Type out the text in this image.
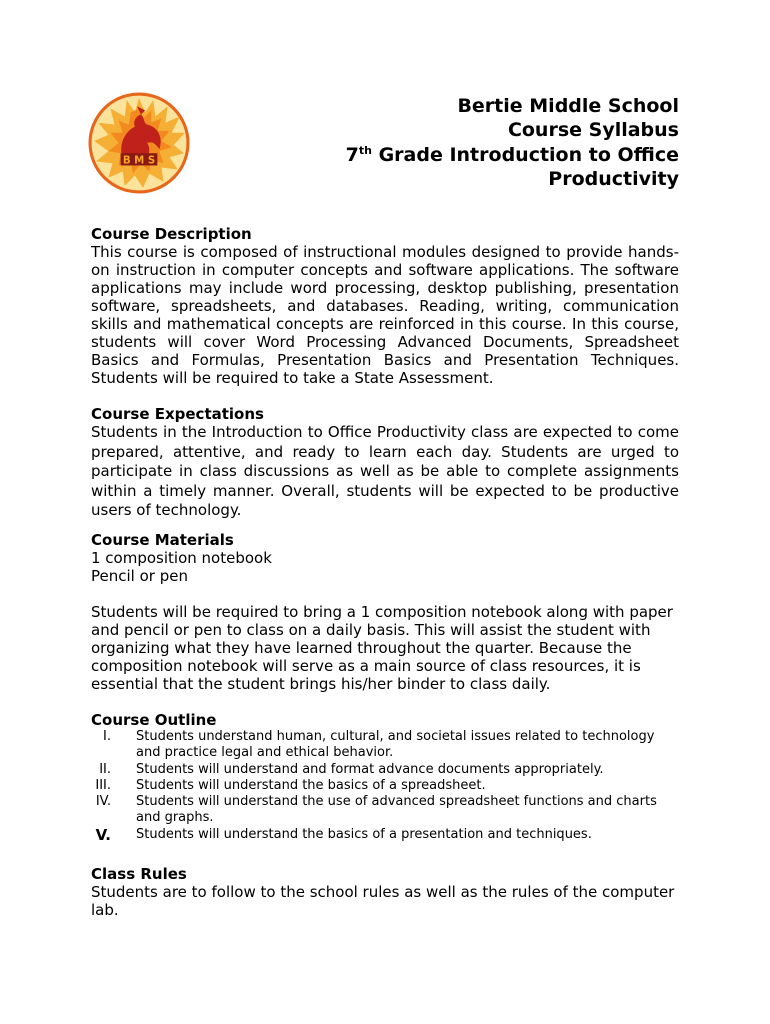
B M S
Bertie Middle School
Course Syllabus
7th Grade Introduction to Office
Productivity
Course Description
This course is composed of instructional modules designed to provide hands-on instruction in computer concepts and software applications. The software applications may include word processing, desktop publishing, presentation software, spreadsheets, and databases. Reading, writing, communication skills and mathematical concepts are reinforced in this course. In this course, students will cover Word Processing Advanced Documents, Spreadsheet Basics and Formulas, Presentation Basics and Presentation Techniques. Students will be required to take a State Assessment.
Course Expectations
Students in the Introduction to Office Productivity class are expected to come prepared, attentive, and ready to learn each day. Students are urged to participate in class discussions as well as be able to complete assignments within a timely manner. Overall, students will be expected to be productive users of technology.
Course Materials
1 composition notebook
Pencil or pen
Students will be required to bring a 1 composition notebook along with paper and pencil or pen to class on a daily basis. This will assist the student with organizing what they have learned throughout the quarter. Because the composition notebook will serve as a main source of class resources, it is essential that the student brings his/her binder to class daily.
Course Outline
I. Students understand human, cultural, and societal issues related to technology and practice legal and ethical behavior.
II. Students will understand and format advance documents appropriately.
III. Students will understand the basics of a spreadsheet.
IV. Students will understand the use of advanced spreadsheet functions and charts and graphs.
V. Students will understand the basics of a presentation and techniques.
Class Rules
Students are to follow to the school rules as well as the rules of the computer lab.
